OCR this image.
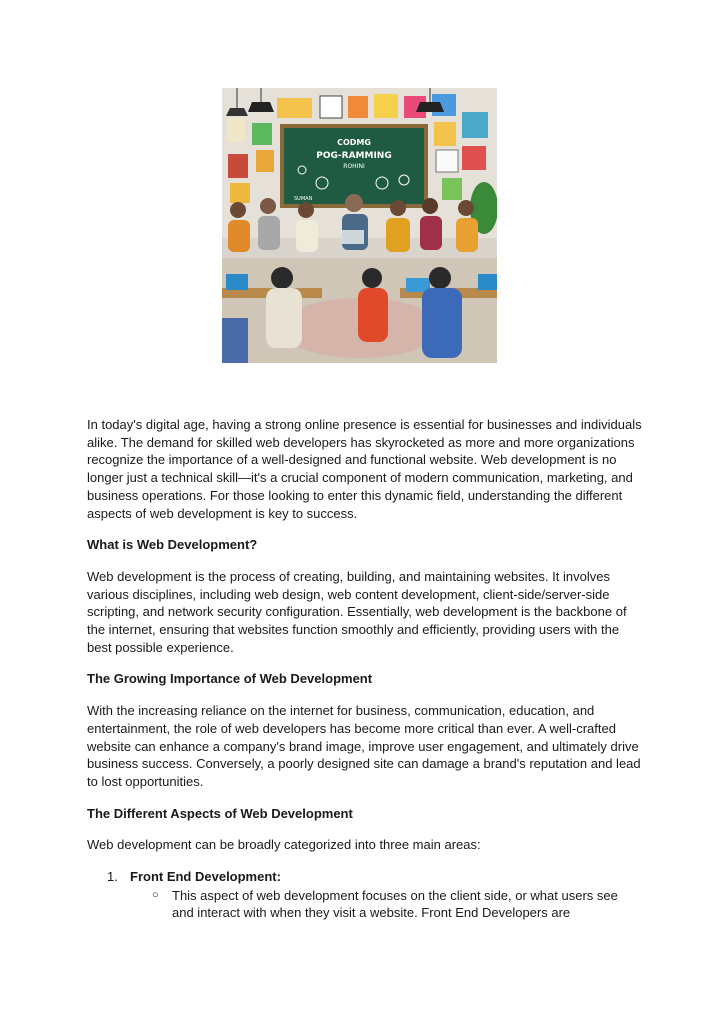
CODMG
POG-RAMMING
ROHINI
SUMAN

In today's digital age, having a strong online presence is essential for businesses and individuals alike. The demand for skilled web developers has skyrocketed as more and more organizations recognize the importance of a well-designed and functional website. Web development is no longer just a technical skill—it's a crucial component of modern communication, marketing, and business operations. For those looking to enter this dynamic field, understanding the different aspects of web development is key to success.

What is Web Development?

Web development is the process of creating, building, and maintaining websites. It involves various disciplines, including web design, web content development, client-side/server-side scripting, and network security configuration. Essentially, web development is the backbone of the internet, ensuring that websites function smoothly and efficiently, providing users with the best possible experience.

The Growing Importance of Web Development

With the increasing reliance on the internet for business, communication, education, and entertainment, the role of web developers has become more critical than ever. A well-crafted website can enhance a company's brand image, improve user engagement, and ultimately drive business success. Conversely, a poorly designed site can damage a brand's reputation and lead to lost opportunities.

The Different Aspects of Web Development

Web development can be broadly categorized into three main areas:

1. Front End Development:
○ This aspect of web development focuses on the client side, or what users see and interact with when they visit a website. Front End Developers are
